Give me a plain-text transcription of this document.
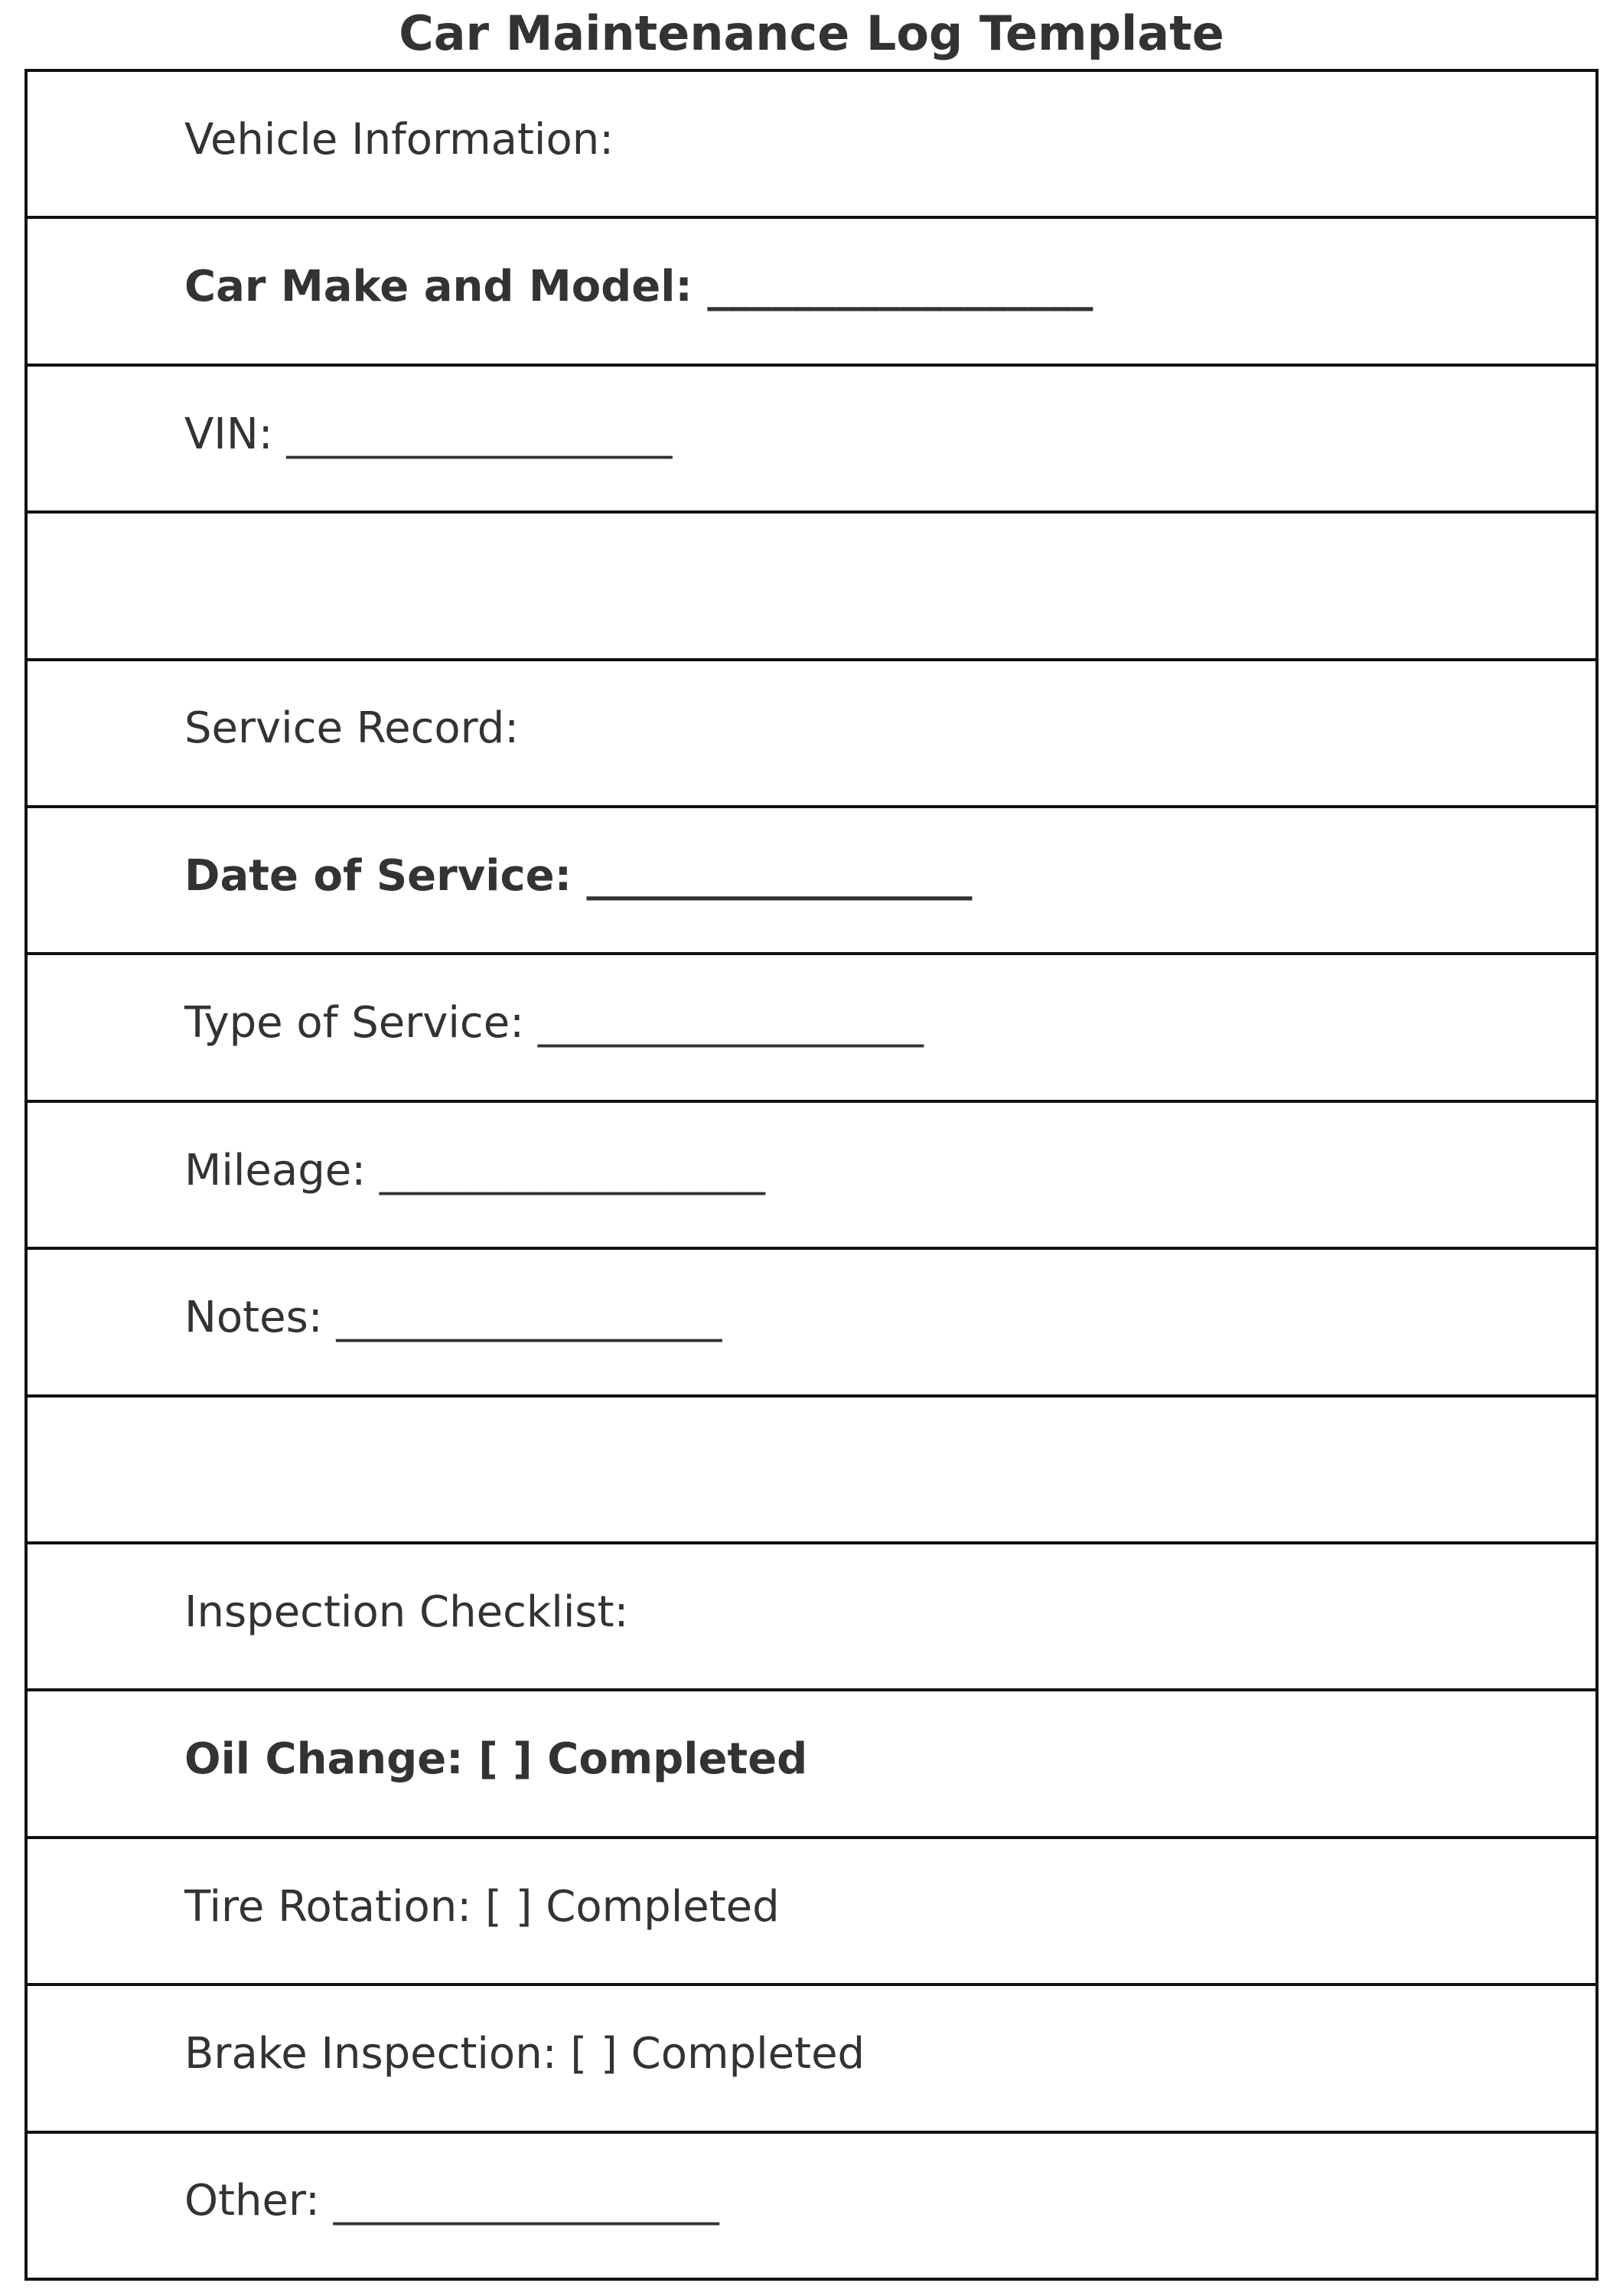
Car Maintenance Log Template
Vehicle Information:
Car Make and Model: __________________
VIN: __________________
Service Record:
Date of Service: __________________
Type of Service: __________________
Mileage: __________________
Notes: __________________
Inspection Checklist:
Oil Change: [ ] Completed
Tire Rotation: [ ] Completed
Brake Inspection: [ ] Completed
Other: __________________
